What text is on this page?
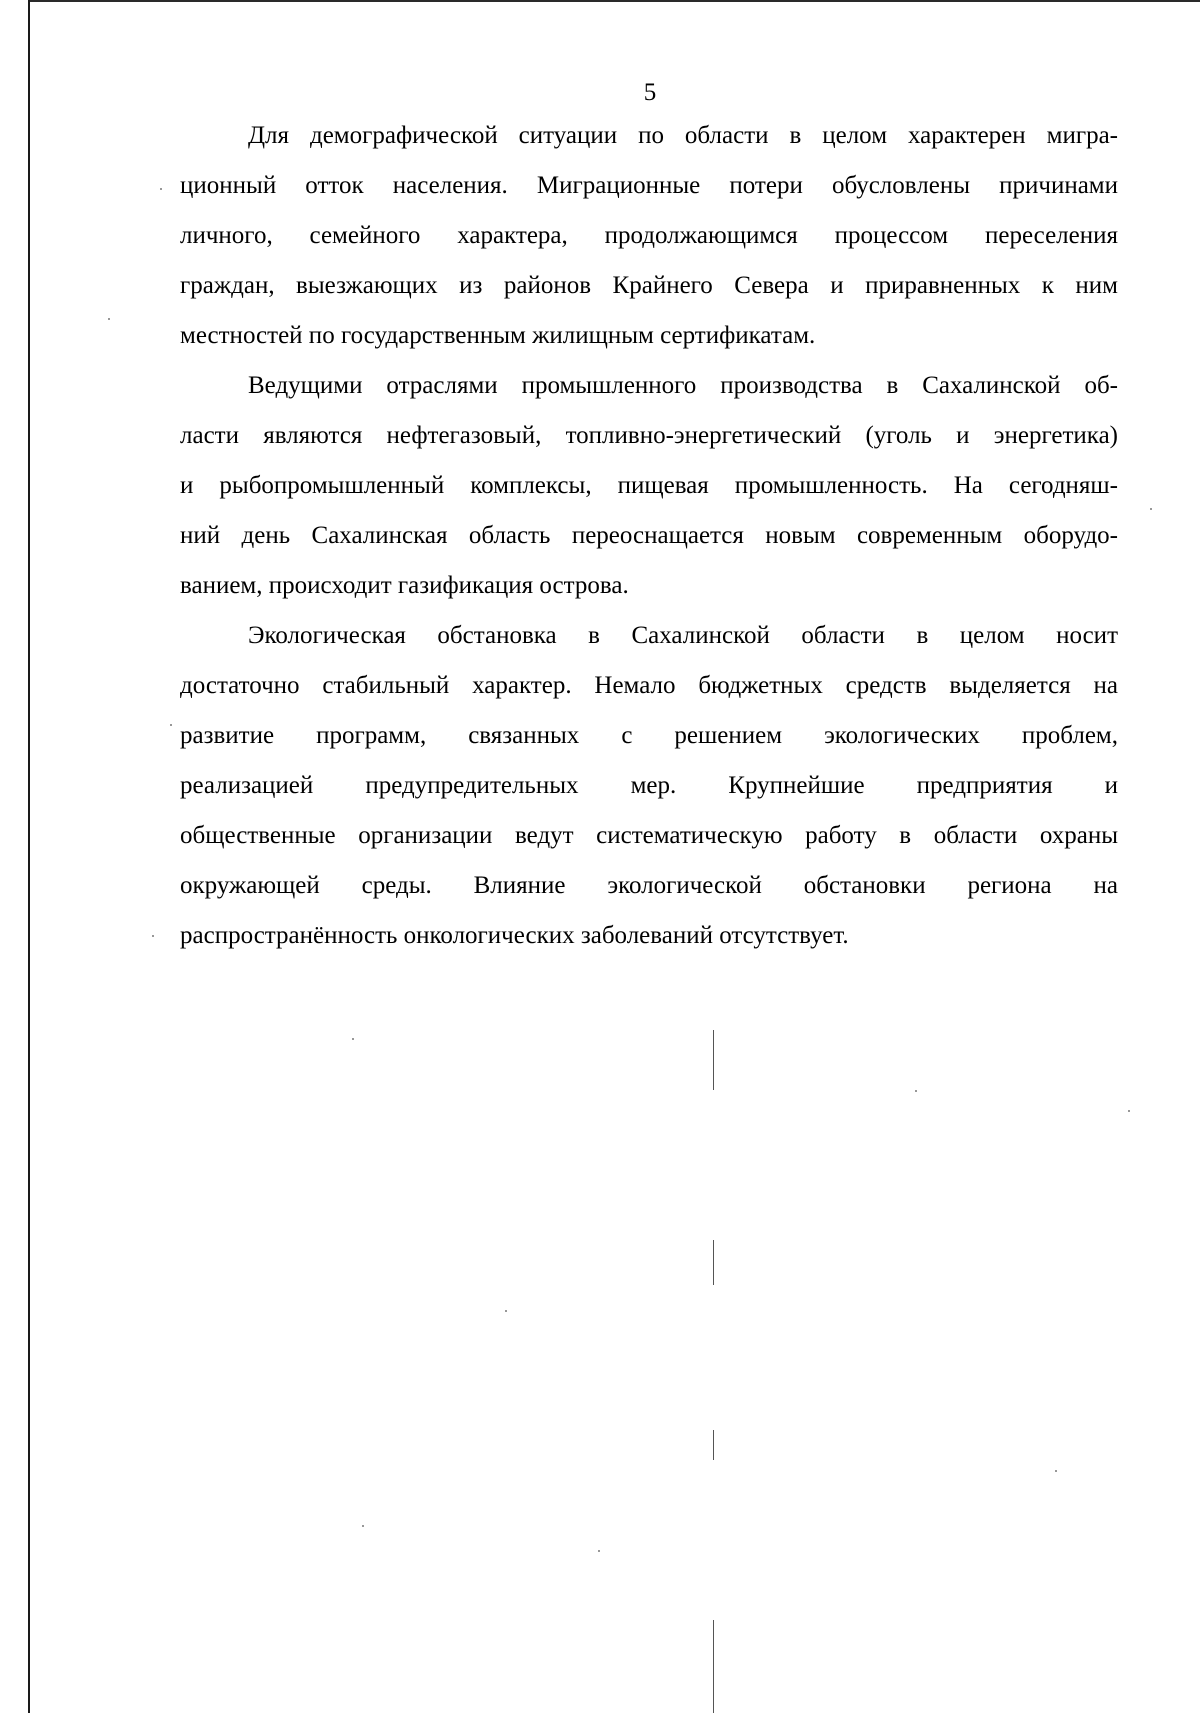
5

Для демографической ситуации по области в целом характерен мигра-
ционный отток населения. Миграционные потери обусловлены причинами
личного, семейного характера, продолжающимся процессом переселения
граждан, выезжающих из районов Крайнего Севера и приравненных к ним
местностей по государственным жилищным сертификатам.

Ведущими отраслями промышленного производства в Сахалинской об-
ласти являются нефтегазовый, топливно-энергетический (уголь и энергетика)
и рыбопромышленный комплексы, пищевая промышленность. На сегодняш-
ний день Сахалинская область переоснащается новым современным оборудо-
ванием, происходит газификация острова.

Экологическая обстановка в Сахалинской области в целом носит
достаточно стабильный характер. Немало бюджетных средств выделяется на
развитие программ, связанных с решением экологических проблем,
реализацией предупредительных мер. Крупнейшие предприятия и
общественные организации ведут систематическую работу в области охраны
окружающей среды. Влияние экологической обстановки региона на
распространённость онкологических заболеваний отсутствует.
